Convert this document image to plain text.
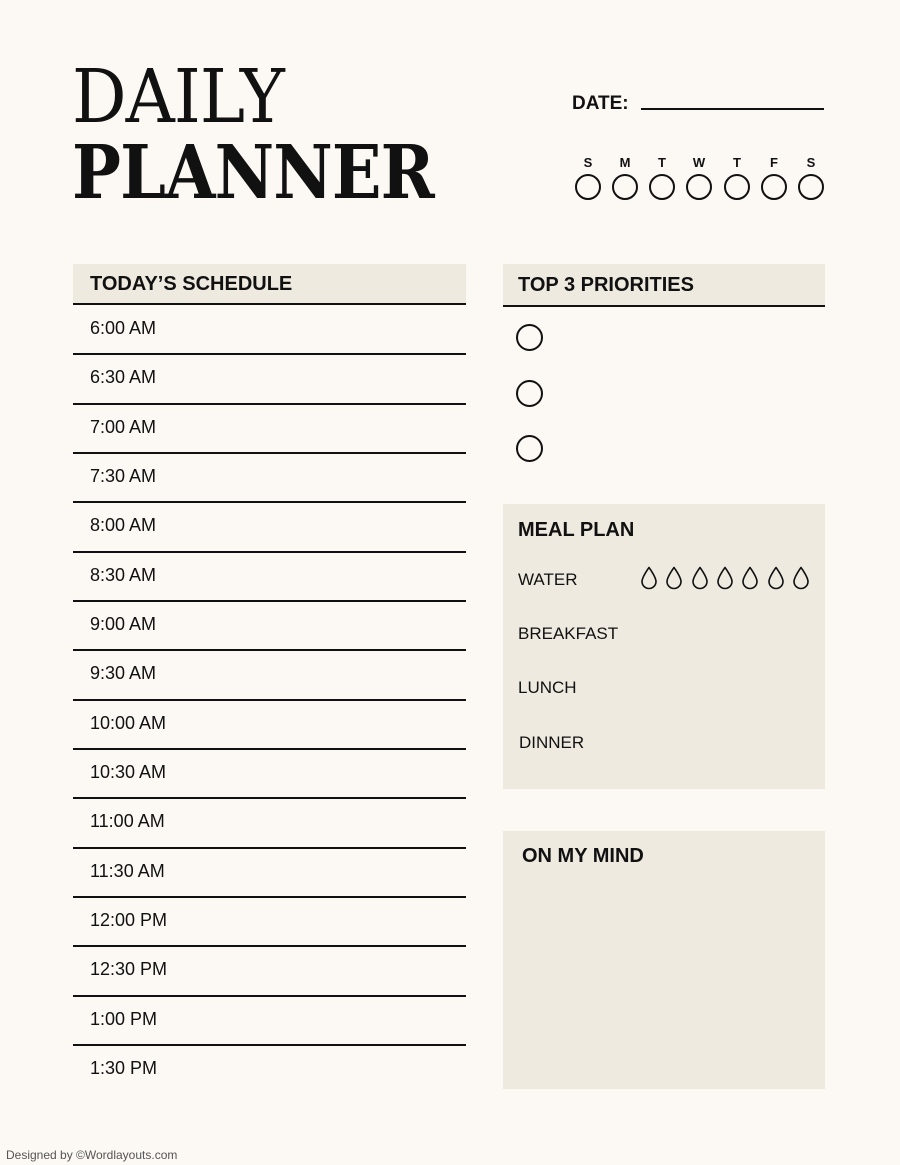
DAILY
PLANNER
DATE:
S	M	T	W	T	F	S
TODAY’S SCHEDULE
6:00 AM
6:30 AM
7:00 AM
7:30 AM
8:00 AM
8:30 AM
9:00 AM
9:30 AM
10:00 AM
10:30 AM
11:00 AM
11:30 AM
12:00 PM
12:30 PM
1:00 PM
1:30 PM
TOP 3 PRIORITIES
MEAL PLAN
WATER
BREAKFAST
LUNCH
DINNER
ON MY MIND
Designed by ©Wordlayouts.com
